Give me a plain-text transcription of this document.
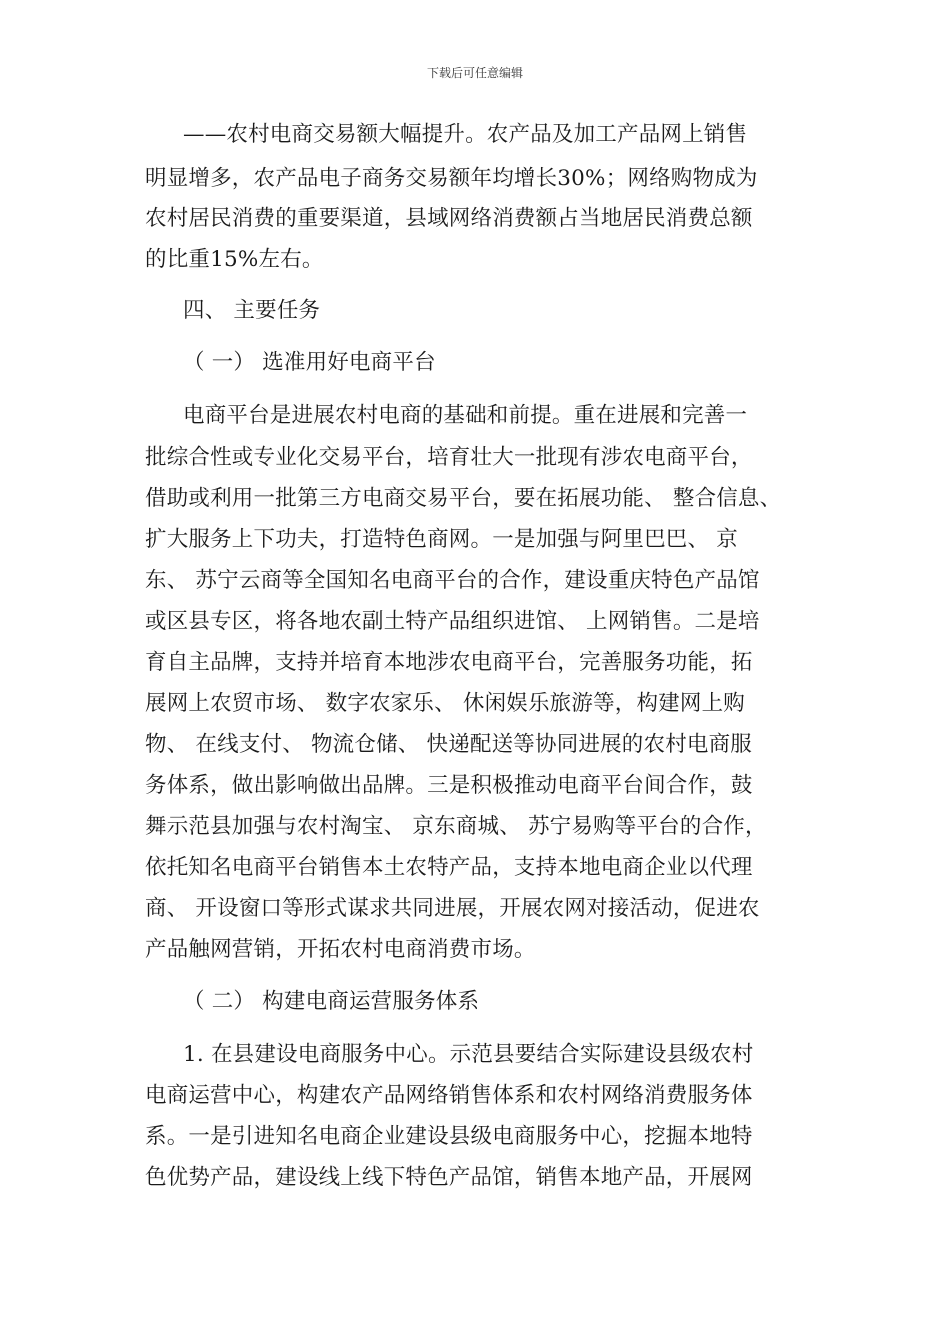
下载后可任意编辑
——农村电商交易额大幅提升。农产品及加工产品网上销售
明显增多，农产品电子商务交易额年均增长30%；网络购物成为
农村居民消费的重要渠道，县域网络消费额占当地居民消费总额
的比重15%左右。
四、 主要任务
（ 一） 选准用好电商平台
电商平台是进展农村电商的基础和前提。重在进展和完善一
批综合性或专业化交易平台，培育壮大一批现有涉农电商平台，
借助或利用一批第三方电商交易平台，要在拓展功能、 整合信息、
扩大服务上下功夫，打造特色商网。一是加强与阿里巴巴、 京
东、 苏宁云商等全国知名电商平台的合作，建设重庆特色产品馆
或区县专区，将各地农副土特产品组织进馆、 上网销售。二是培
育自主品牌，支持并培育本地涉农电商平台，完善服务功能，拓
展网上农贸市场、 数字农家乐、 休闲娱乐旅游等，构建网上购
物、 在线支付、 物流仓储、 快递配送等协同进展的农村电商服
务体系，做出影响做出品牌。三是积极推动电商平台间合作，鼓
舞示范县加强与农村淘宝、 京东商城、 苏宁易购等平台的合作，
依托知名电商平台销售本土农特产品，支持本地电商企业以代理
商、 开设窗口等形式谋求共同进展，开展农网对接活动，促进农
产品触网营销，开拓农村电商消费市场。
（ 二） 构建电商运营服务体系
1. 在县建设电商服务中心。示范县要结合实际建设县级农村
电商运营中心，构建农产品网络销售体系和农村网络消费服务体
系。一是引进知名电商企业建设县级电商服务中心，挖掘本地特
色优势产品，建设线上线下特色产品馆，销售本地产品，开展网
